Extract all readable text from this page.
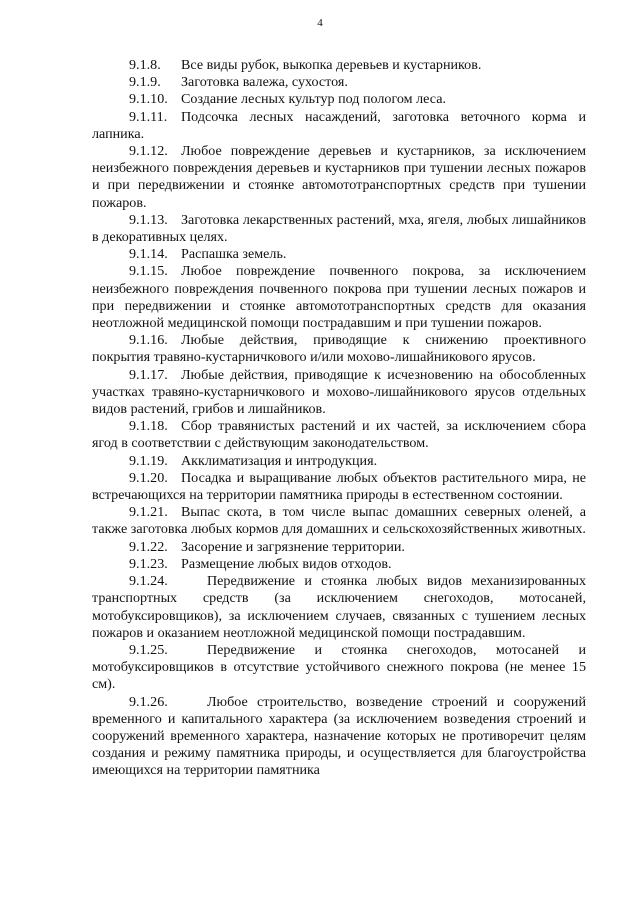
4

9.1.8. Все виды рубок, выкопка деревьев и кустарников.

9.1.9. Заготовка валежа, сухостоя.

9.1.10. Создание лесных культур под пологом леса.

9.1.11. Подсочка лесных насаждений, заготовка веточного корма и лапника.

9.1.12. Любое повреждение деревьев и кустарников, за исключением неизбежного повреждения деревьев и кустарников при тушении лесных пожаров и при передвижении и стоянке автомототранспортных средств при тушении пожаров.

9.1.13. Заготовка лекарственных растений, мха, ягеля, любых лишайников в декоративных целях.

9.1.14. Распашка земель.

9.1.15. Любое повреждение почвенного покрова, за исключением неизбежного повреждения почвенного покрова при тушении лесных пожаров и при передвижении и стоянке автомототранспортных средств для оказания неотложной медицинской помощи пострадавшим и при тушении пожаров.

9.1.16. Любые действия, приводящие к снижению проективного покрытия травяно-кустарничкового и/или мохово-лишайникового ярусов.

9.1.17. Любые действия, приводящие к исчезновению на обособленных участках травяно-кустарничкового и мохово-лишайникового ярусов отдельных видов растений, грибов и лишайников.

9.1.18. Сбор травянистых растений и их частей, за исключением сбора ягод в соответствии с действующим законодательством.

9.1.19. Акклиматизация и интродукция.

9.1.20. Посадка и выращивание любых объектов растительного мира, не встречающихся на территории памятника природы в естественном состоянии.

9.1.21. Выпас скота, в том числе выпас домашних северных оленей, а также заготовка любых кормов для домашних и сельскохозяйственных животных.

9.1.22. Засорение и загрязнение территории.

9.1.23. Размещение любых видов отходов.

9.1.24.	Передвижение и стоянка любых видов механизированных транспортных средств (за исключением снегоходов, мотосаней, мотобуксировщиков), за исключением случаев, связанных с тушением лесных пожаров и оказанием неотложной медицинской помощи пострадавшим.

9.1.25.	Передвижение и стоянка снегоходов, мотосаней и мотобуксировщиков в отсутствие устойчивого снежного покрова (не менее 15 см).

9.1.26.	Любое строительство, возведение строений и сооружений временного и капитального характера (за исключением возведения строений и сооружений временного характера, назначение которых не противоречит целям создания и режиму памятника природы, и осуществляется для благоустройства имеющихся на территории памятника
